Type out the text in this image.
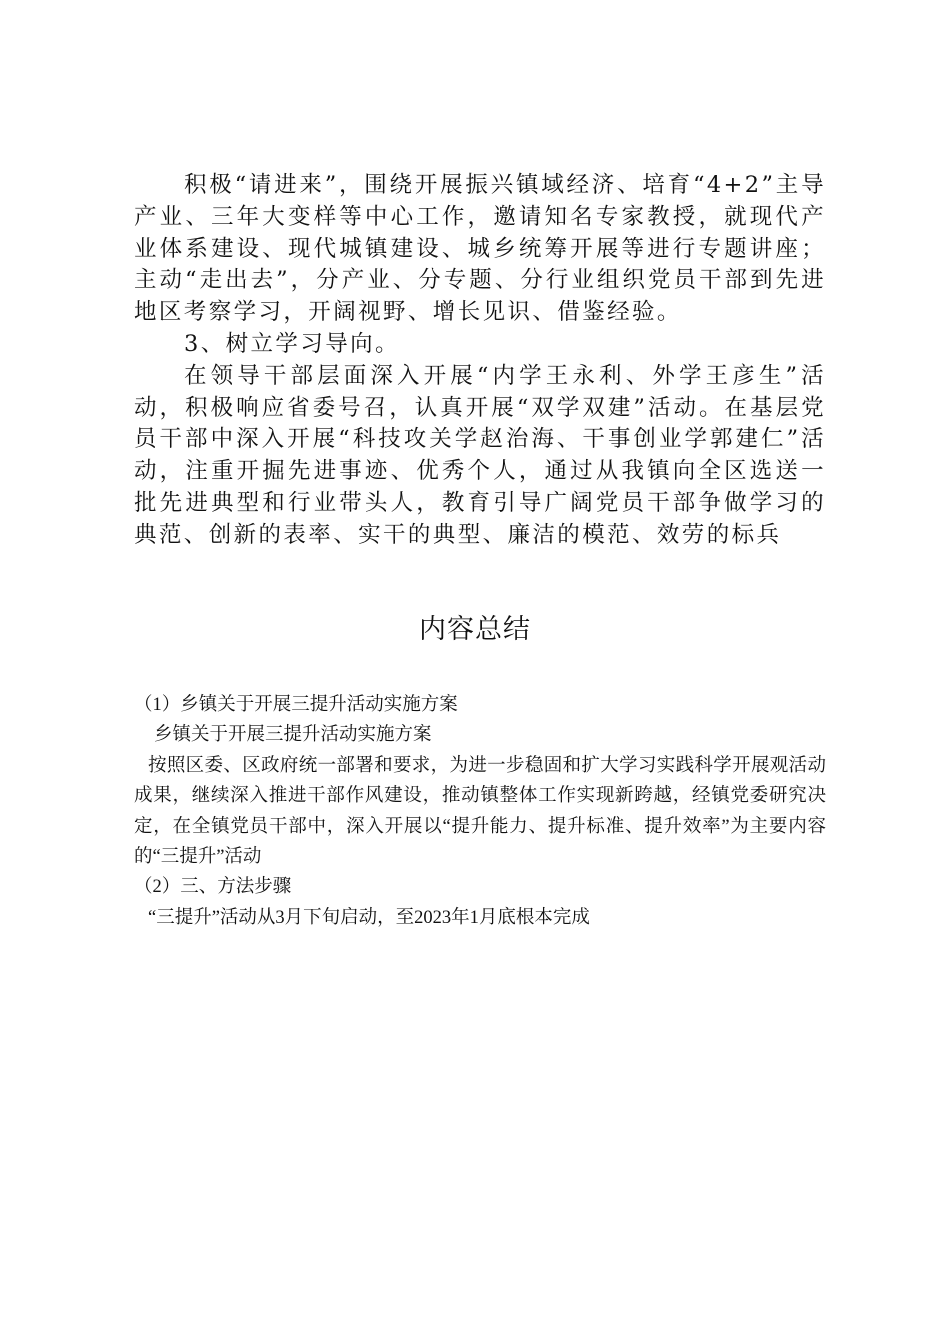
积极“请进来”，围绕开展振兴镇域经济、培育“4+2”主导产业、三年大变样等中心工作，邀请知名专家教授，就现代产业体系建设、现代城镇建设、城乡统筹开展等进行专题讲座；主动“走出去”，分产业、分专题、分行业组织党员干部到先进地区考察学习，开阔视野、增长见识、借鉴经验。

3、树立学习导向。

在领导干部层面深入开展“内学王永利、外学王彦生”活动，积极响应省委号召，认真开展“双学双建”活动。在基层党员干部中深入开展“科技攻关学赵治海、干事创业学郭建仁”活动，注重开掘先进事迹、优秀个人，通过从我镇向全区选送一批先进典型和行业带头人，教育引导广阔党员干部争做学习的典范、创新的表率、实干的典型、廉洁的模范、效劳的标兵

内容总结

（1）乡镇关于开展三提升活动实施方案

乡镇关于开展三提升活动实施方案

按照区委、区政府统一部署和要求，为进一步稳固和扩大学习实践科学开展观活动成果，继续深入推进干部作风建设，推动镇整体工作实现新跨越，经镇党委研究决定，在全镇党员干部中，深入开展以“提升能力、提升标准、提升效率”为主要内容的“三提升”活动

（2）三、方法步骤

“三提升”活动从3月下旬启动，至2023年1月底根本完成
